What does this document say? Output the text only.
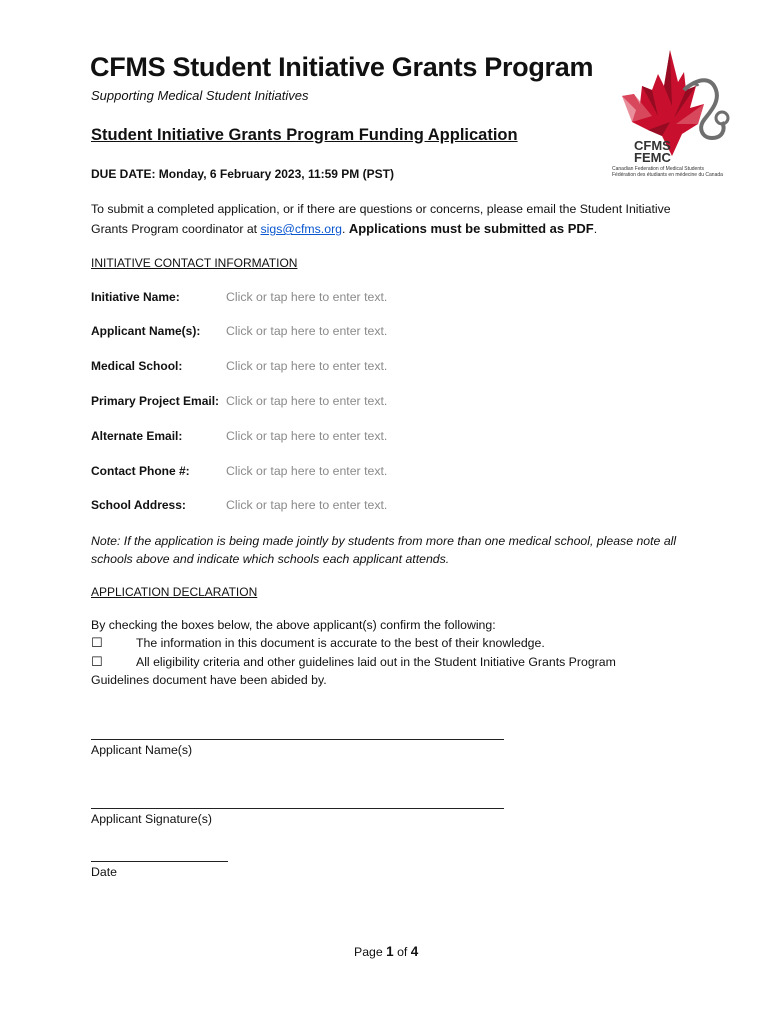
CFMS Student Initiative Grants Program
Supporting Medical Student Initiatives
CFMS
FEMC
Canadian Federation of Medical Students
Fédération des étudiants en médecine du Canada
Student Initiative Grants Program Funding Application
DUE DATE: Monday, 6 February 2023, 11:59 PM (PST)
To submit a completed application, or if there are questions or concerns, please email the Student Initiative Grants Program coordinator at sigs@cfms.org. Applications must be submitted as PDF.
INITIATIVE CONTACT INFORMATION
Initiative Name:	Click or tap here to enter text.
Applicant Name(s): Click or tap here to enter text.
Medical School:	Click or tap here to enter text.
Primary Project Email: Click or tap here to enter text.
Alternate Email:	Click or tap here to enter text.
Contact Phone #:	Click or tap here to enter text.
School Address:	Click or tap here to enter text.
Note: If the application is being made jointly by students from more than one medical school, please note all schools above and indicate which schools each applicant attends.
APPLICATION DECLARATION
By checking the boxes below, the above applicant(s) confirm the following:
☐	The information in this document is accurate to the best of their knowledge.
☐	All eligibility criteria and other guidelines laid out in the Student Initiative Grants Program
Guidelines document have been abided by.
Applicant Name(s)
Applicant Signature(s)
Date
Page 1 of 4
